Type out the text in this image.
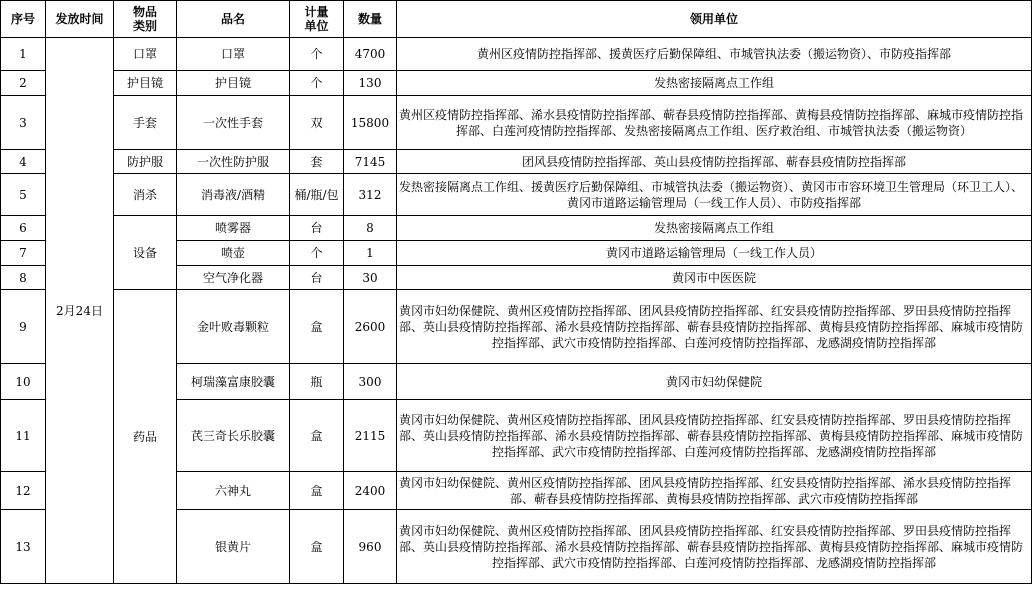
序号	发放时间	物品类别	品名	计量单位	数量	领用单位
1	2月24日	口罩	口罩	个	4700	黄州区疫情防控指挥部、援黄医疗后勤保障组、市城管执法委（搬运物资）、市防疫指挥部
2		护目镜	护目镜	个	130	发热密接隔离点工作组
3		手套	一次性手套	双	15800	黄州区疫情防控指挥部、浠水县疫情防控指挥部、蕲春县疫情防控指挥部、黄梅县疫情防控指挥部、麻城市疫情防控指挥部、白莲河疫情防控指挥部、发热密接隔离点工作组、医疗救治组、市城管执法委（搬运物资）
4		防护服	一次性防护服	套	7145	团风县疫情防控指挥部、英山县疫情防控指挥部、蕲春县疫情防控指挥部
5		消杀	消毒液/酒精	桶/瓶/包	312	发热密接隔离点工作组、援黄医疗后勤保障组、市城管执法委（搬运物资）、黄冈市市容环境卫生管理局（环卫工人）、黄冈市道路运输管理局（一线工作人员）、市防疫指挥部
6		设备	喷雾器	台	8	发热密接隔离点工作组
7			喷壶	个	1	黄冈市道路运输管理局（一线工作人员）
8			空气净化器	台	30	黄冈市中医医院
9		药品	金叶败毒颗粒	盒	2600	黄冈市妇幼保健院、黄州区疫情防控指挥部、团风县疫情防控指挥部、红安县疫情防控指挥部、罗田县疫情防控指挥部、英山县疫情防控指挥部、浠水县疫情防控指挥部、蕲春县疫情防控指挥部、黄梅县疫情防控指挥部、麻城市疫情防控指挥部、武穴市疫情防控指挥部、白莲河疫情防控指挥部、龙感湖疫情防控指挥部
10			柯瑞藻富康胶囊	瓶	300	黄冈市妇幼保健院
11			芪三奇长乐胶囊	盒	2115	黄冈市妇幼保健院、黄州区疫情防控指挥部、团风县疫情防控指挥部、红安县疫情防控指挥部、罗田县疫情防控指挥部、英山县疫情防控指挥部、浠水县疫情防控指挥部、蕲春县疫情防控指挥部、黄梅县疫情防控指挥部、麻城市疫情防控指挥部、武穴市疫情防控指挥部、白莲河疫情防控指挥部、龙感湖疫情防控指挥部
12			六神丸	盒	2400	黄冈市妇幼保健院、黄州区疫情防控指挥部、团风县疫情防控指挥部、红安县疫情防控指挥部、浠水县疫情防控指挥部、蕲春县疫情防控指挥部、黄梅县疫情防控指挥部、武穴市疫情防控指挥部
13			银黄片	盒	960	黄冈市妇幼保健院、黄州区疫情防控指挥部、团风县疫情防控指挥部、红安县疫情防控指挥部、罗田县疫情防控指挥部、英山县疫情防控指挥部、浠水县疫情防控指挥部、蕲春县疫情防控指挥部、黄梅县疫情防控指挥部、麻城市疫情防控指挥部、武穴市疫情防控指挥部、白莲河疫情防控指挥部、龙感湖疫情防控指挥部
